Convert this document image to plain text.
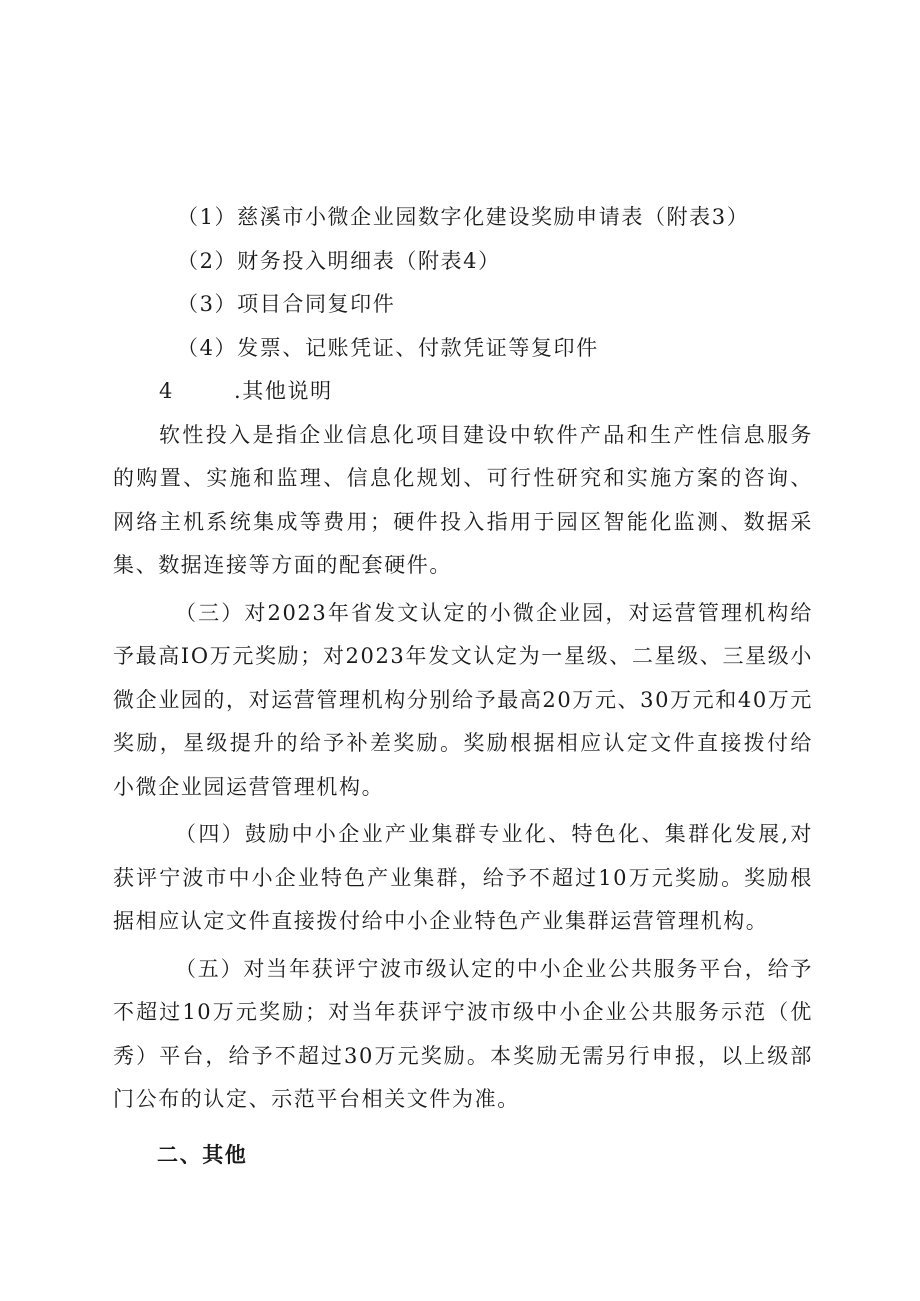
（1）慈溪市小微企业园数字化建设奖励申请表（附表3）
（2）财务投入明细表（附表4）
（3）项目合同复印件
（4）发票、记账凭证、付款凭证等复印件
4	.其他说明

软性投入是指企业信息化项目建设中软件产品和生产性信息服务的购置、实施和监理、信息化规划、可行性研究和实施方案的咨询、网络主机系统集成等费用；硬件投入指用于园区智能化监测、数据采集、数据连接等方面的配套硬件。

（三）对2023年省发文认定的小微企业园，对运营管理机构给予最高IO万元奖励；对2023年发文认定为一星级、二星级、三星级小微企业园的，对运营管理机构分别给予最高20万元、30万元和40万元奖励，星级提升的给予补差奖励。奖励根据相应认定文件直接拨付给小微企业园运营管理机构。

（四）鼓励中小企业产业集群专业化、特色化、集群化发展,对获评宁波市中小企业特色产业集群，给予不超过10万元奖励。奖励根据相应认定文件直接拨付给中小企业特色产业集群运营管理机构。

（五）对当年获评宁波市级认定的中小企业公共服务平台，给予不超过10万元奖励；对当年获评宁波市级中小企业公共服务示范（优秀）平台，给予不超过30万元奖励。本奖励无需另行申报，以上级部门公布的认定、示范平台相关文件为准。

二、其他
